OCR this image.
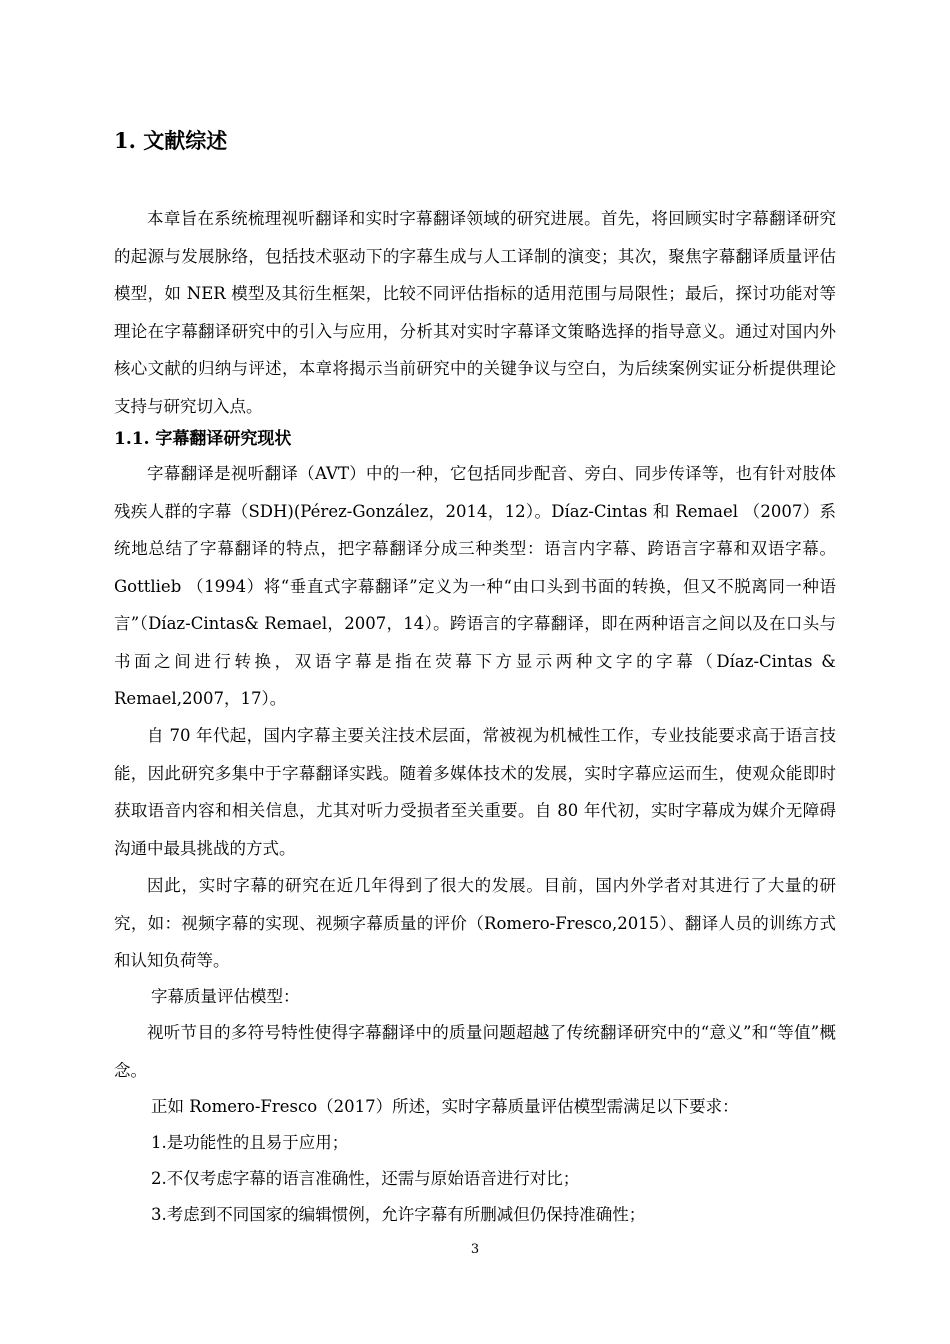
1. 文献综述

本章旨在系统梳理视听翻译和实时字幕翻译领域的研究进展。首先，将回顾实时字幕翻译研究的起源与发展脉络，包括技术驱动下的字幕生成与人工译制的演变；其次，聚焦字幕翻译质量评估模型，如 NER 模型及其衍生框架，比较不同评估指标的适用范围与局限性；最后，探讨功能对等理论在字幕翻译研究中的引入与应用，分析其对实时字幕译文策略选择的指导意义。通过对国内外核心文献的归纳与评述，本章将揭示当前研究中的关键争议与空白，为后续案例实证分析提供理论支持与研究切入点。

1.1. 字幕翻译研究现状

字幕翻译是视听翻译（AVT）中的一种，它包括同步配音、旁白、同步传译等，也有针对肢体残疾人群的字幕（SDH)(Pérez-González，2014，12）。Díaz-Cintas 和 Remael （2007）系统地总结了字幕翻译的特点，把字幕翻译分成三种类型：语言内字幕、跨语言字幕和双语字幕。Gottlieb （1994）将“垂直式字幕翻译”定义为一种“由口头到书面的转换，但又不脱离同一种语言”（Díaz-Cintas& Remael，2007，14）。跨语言的字幕翻译，即在两种语言之间以及在口头与书面之间进行转换，双语字幕是指在荧幕下方显示两种文字的字幕（Díaz-Cintas & Remael,2007，17）。

自 70 年代起，国内字幕主要关注技术层面，常被视为机械性工作，专业技能要求高于语言技能，因此研究多集中于字幕翻译实践。随着多媒体技术的发展，实时字幕应运而生，使观众能即时获取语音内容和相关信息，尤其对听力受损者至关重要。自 80 年代初，实时字幕成为媒介无障碍沟通中最具挑战的方式。

因此，实时字幕的研究在近几年得到了很大的发展。目前，国内外学者对其进行了大量的研究，如：视频字幕的实现、视频字幕质量的评价（Romero-Fresco,2015）、翻译人员的训练方式和认知负荷等。

字幕质量评估模型：

视听节目的多符号特性使得字幕翻译中的质量问题超越了传统翻译研究中的“意义”和“等值”概念。

正如 Romero-Fresco（2017）所述，实时字幕质量评估模型需满足以下要求：

1.是功能性的且易于应用；

2.不仅考虑字幕的语言准确性，还需与原始语音进行对比；

3.考虑到不同国家的编辑惯例，允许字幕有所删减但仍保持准确性；

3
